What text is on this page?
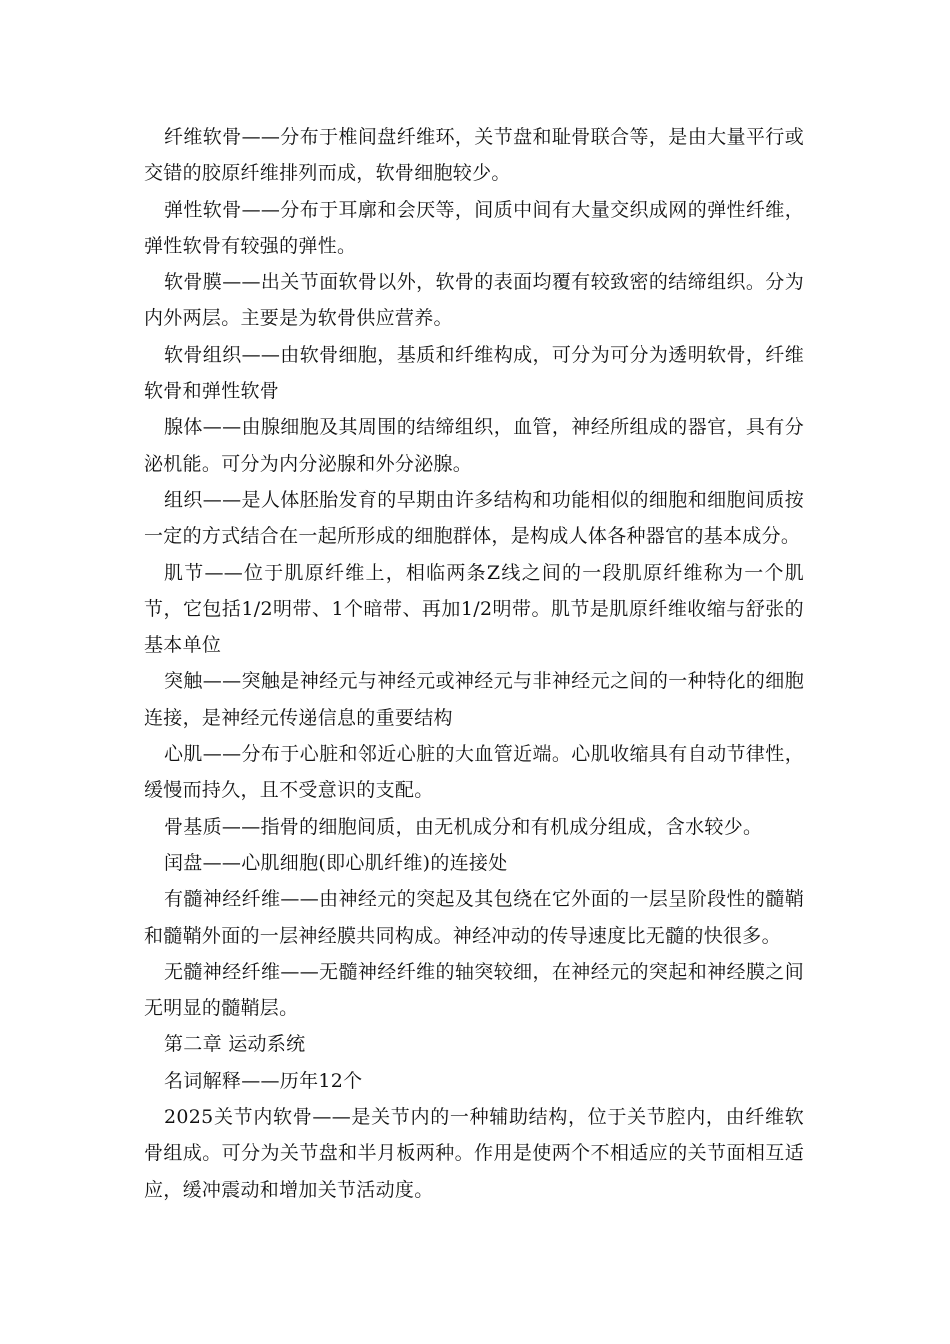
纤维软骨——分布于椎间盘纤维环，关节盘和耻骨联合等，是由大量平行或交错的胶原纤维排列而成，软骨细胞较少。

弹性软骨——分布于耳廓和会厌等，间质中间有大量交织成网的弹性纤维，弹性软骨有较强的弹性。

软骨膜——出关节面软骨以外，软骨的表面均覆有较致密的结缔组织。分为内外两层。主要是为软骨供应营养。

软骨组织——由软骨细胞，基质和纤维构成，可分为可分为透明软骨，纤维软骨和弹性软骨

腺体——由腺细胞及其周围的结缔组织，血管，神经所组成的器官，具有分泌机能。可分为内分泌腺和外分泌腺。

组织——是人体胚胎发育的早期由许多结构和功能相似的细胞和细胞间质按一定的方式结合在一起所形成的细胞群体，是构成人体各种器官的基本成分。

肌节——位于肌原纤维上，相临两条Z线之间的一段肌原纤维称为一个肌节，它包括1/2明带、1个暗带、再加1/2明带。肌节是肌原纤维收缩与舒张的基本单位

突触——突触是神经元与神经元或神经元与非神经元之间的一种特化的细胞连接，是神经元传递信息的重要结构

心肌——分布于心脏和邻近心脏的大血管近端。心肌收缩具有自动节律性，缓慢而持久，且不受意识的支配。

骨基质——指骨的细胞间质，由无机成分和有机成分组成，含水较少。

闰盘——心肌细胞(即心肌纤维)的连接处

有髓神经纤维——由神经元的突起及其包绕在它外面的一层呈阶段性的髓鞘和髓鞘外面的一层神经膜共同构成。神经冲动的传导速度比无髓的快很多。

无髓神经纤维——无髓神经纤维的轴突较细，在神经元的突起和神经膜之间无明显的髓鞘层。

第二章 运动系统

名词解释——历年12个

2025关节内软骨——是关节内的一种辅助结构，位于关节腔内，由纤维软骨组成。可分为关节盘和半月板两种。作用是使两个不相适应的关节面相互适应，缓冲震动和增加关节活动度。
